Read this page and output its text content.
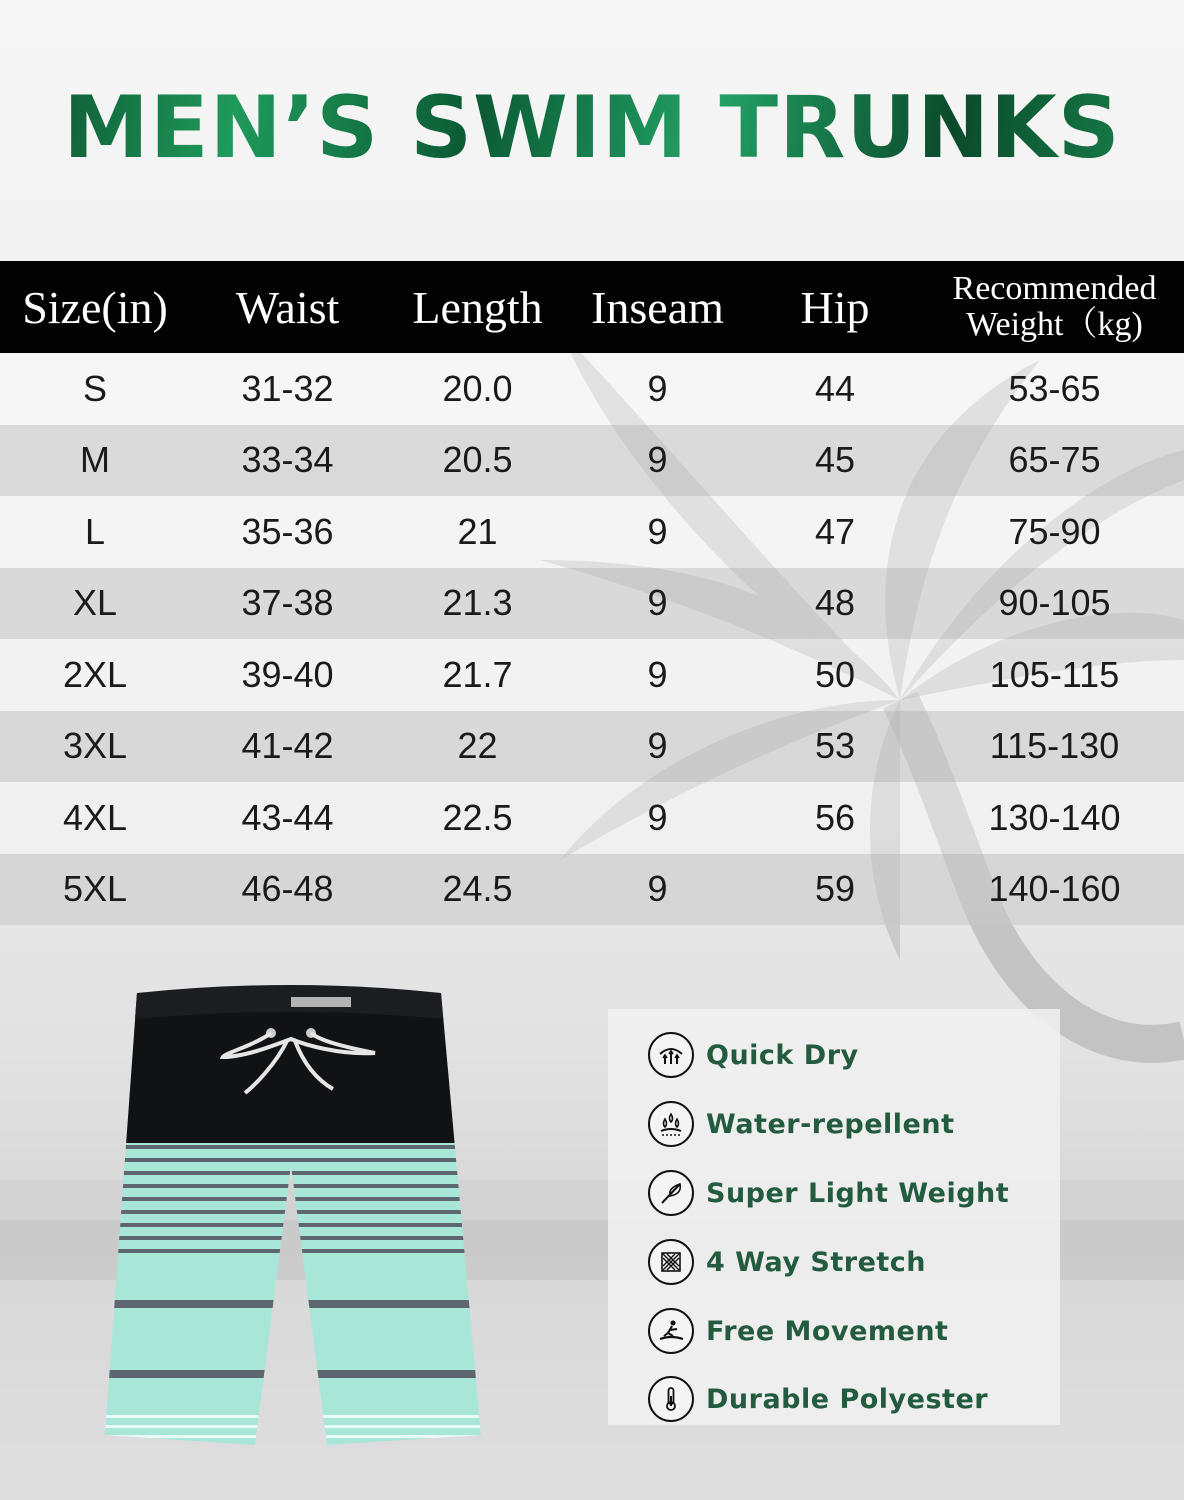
MEN’S SWIM TRUNKS
Size(in)	Waist	Length	Inseam	Hip	Recommended
Weight（kg)
S	31-32	20.0	9	44	53-65
M	33-34	20.5	9	45	65-75
L	35-36	21	9	47	75-90
XL	37-38	21.3	9	48	90-105
2XL	39-40	21.7	9	50	105-115
3XL	41-42	22	9	53	115-130
4XL	43-44	22.5	9	56	130-140
5XL	46-48	24.5	9	59	140-160
Quick Dry
Water-repellent
Super Light Weight
4 Way Stretch
Free Movement
Durable Polyester
